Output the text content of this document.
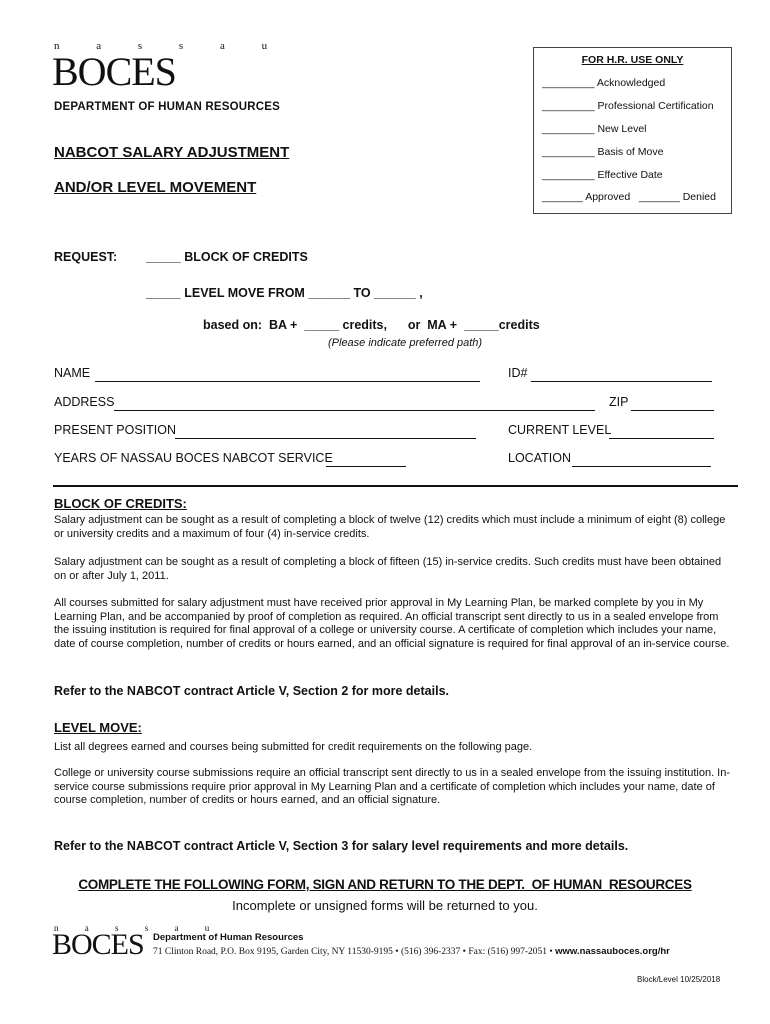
n a s s a u
BOCES
DEPARTMENT OF HUMAN RESOURCES
NABCOT SALARY ADJUSTMENT
AND/OR LEVEL MOVEMENT
FOR H.R. USE ONLY
_________ Acknowledged
_________ Professional Certification
_________ New Level
_________ Basis of Move
_________ Effective Date
_______ Approved   _______ Denied
REQUEST: _____ BLOCK OF CREDITS
_____ LEVEL MOVE FROM ______ TO ______ ,
based on:  BA +  _____ credits,      or  MA +  _____credits
(Please indicate preferred path)
NAME	ID#
ADDRESS	ZIP
PRESENT POSITION	CURRENT LEVEL
YEARS OF NASSAU BOCES NABCOT SERVICE	LOCATION
BLOCK OF CREDITS:
Salary adjustment can be sought as a result of completing a block of twelve (12) credits which must include a minimum of eight (8) college or university credits and a maximum of four (4) in-service credits.
Salary adjustment can be sought as a result of completing a block of fifteen (15) in-service credits. Such credits must have been obtained on or after July 1, 2011.
All courses submitted for salary adjustment must have received prior approval in My Learning Plan, be marked complete by you in My Learning Plan, and be accompanied by proof of completion as required. An official transcript sent directly to us in a sealed envelope from the issuing institution is required for final approval of a college or university course. A certificate of completion which includes your name, date of course completion, number of credits or hours earned, and an official signature is required for final approval of an in-service course.
Refer to the NABCOT contract Article V, Section 2 for more details.
LEVEL MOVE:
List all degrees earned and courses being submitted for credit requirements on the following page.
College or university course submissions require an official transcript sent directly to us in a sealed envelope from the issuing institution. In-service course submissions require prior approval in My Learning Plan and a certificate of completion which includes your name, date of course completion, number of credits or hours earned, and an official signature.
Refer to the NABCOT contract Article V, Section 3 for salary level requirements and more details.
COMPLETE THE FOLLOWING FORM, SIGN AND RETURN TO THE DEPT.  OF HUMAN  RESOURCES
Incomplete or unsigned forms will be returned to you.
n a s s a u
BOCES Department of Human Resources
71 Clinton Road, P.O. Box 9195, Garden City, NY 11530-9195 • (516) 396-2337 • Fax: (516) 997-2051 • www.nassauboces.org/hr
Block/Level 10/25/2018
